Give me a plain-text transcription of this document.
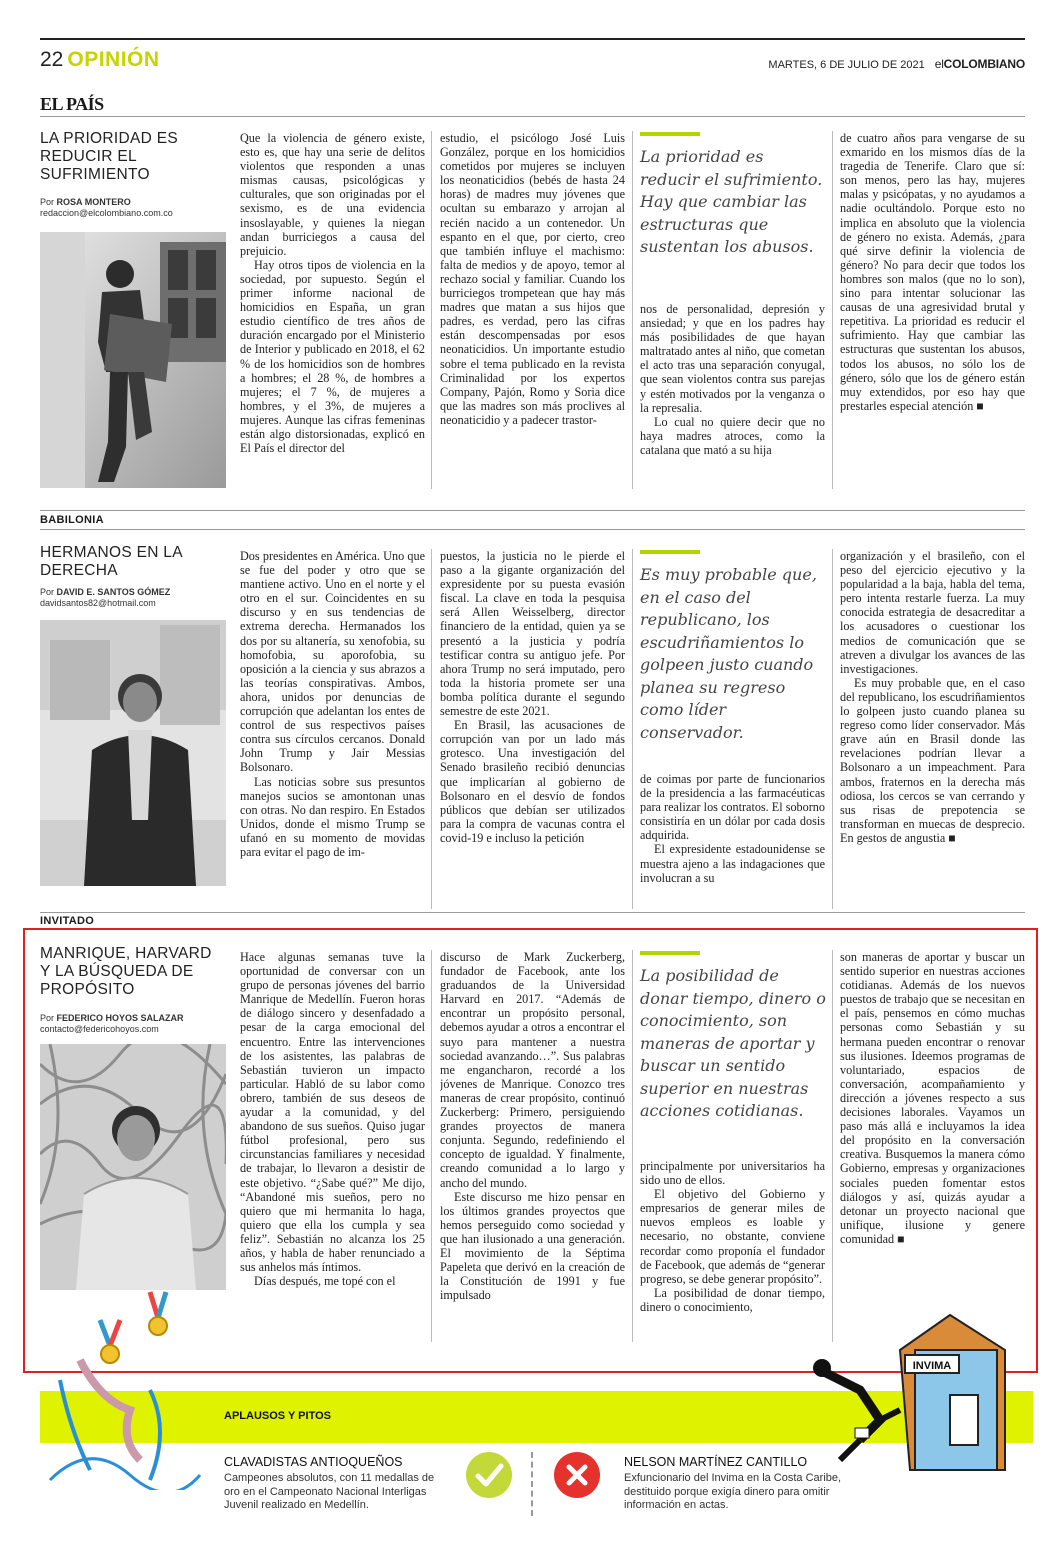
22 OPINIÓN	MARTES, 6 DE JULIO DE 2021 elCOLOMBIANO
EL PAÍS
LA PRIORIDAD ES REDUCIR EL SUFRIMIENTO
Por ROSA MONTERO
redaccion@elcolombiano.com.co
La prioridad es reducir el sufrimiento. Hay que cambiar las estructuras que sustentan los abusos.

Que la violencia de género existe, esto es, que hay una serie de delitos violentos que responden a unas mismas causas, psicológicas y culturales, que son originadas por el sexismo, es de una evidencia insoslayable, y quienes la niegan andan burriciegos a causa del prejuicio.

Hay otros tipos de violencia en la sociedad, por supuesto. Según el primer informe nacional de homicidios en España, un gran estudio científico de tres años de duración encargado por el Ministerio de Interior y publicado en 2018, el 62 % de los homicidios son de hombres a hombres; el 28 %, de hombres a mujeres; el 7 %, de mujeres a hombres, y el 3%, de mujeres a mujeres. Aunque las cifras femeninas están algo distorsionadas, explicó en El País el director del

estudio, el psicólogo José Luis González, porque en los homicidios cometidos por mujeres se incluyen los neonaticidios (bebés de hasta 24 horas) de madres muy jóvenes que ocultan su embarazo y arrojan al recién nacido a un contenedor. Un espanto en el que, por cierto, creo que también influye el machismo: falta de medios y de apoyo, temor al rechazo social y familiar. Cuando los burriciegos trompetean que hay más madres que matan a sus hijos que padres, es verdad, pero las cifras están descompensadas por esos neonaticidios. Un importante estudio sobre el tema publicado en la revista Criminalidad por los expertos Company, Pajón, Romo y Soria dice que las madres son más proclives al neonaticidio y a padecer trastor-

nos de personalidad, depresión y ansiedad; y que en los padres hay más posibilidades de que hayan maltratado antes al niño, que cometan el acto tras una separación conyugal, que sean violentos contra sus parejas y estén motivados por la venganza o la represalia.

Lo cual no quiere decir que no haya madres atroces, como la catalana que mató a su hija

de cuatro años para vengarse de su exmarido en los mismos días de la tragedia de Tenerife. Claro que sí: son menos, pero las hay, mujeres malas y psicópatas, y no ayudamos a nadie ocultándolo. Porque esto no implica en absoluto que la violencia de género no exista. Además, ¿para qué sirve definir la violencia de género? No para decir que todos los hombres son malos (que no lo son), sino para intentar solucionar las causas de una agresividad brutal y repetitiva. La prioridad es reducir el sufrimiento. Hay que cambiar las estructuras que sustentan los abusos, todos los abusos, no sólo los de género, sólo que los de género están muy extendidos, por eso hay que prestarles especial atención ■

BABILONIA
HERMANOS EN LA DERECHA
Por DAVID E. SANTOS GÓMEZ
davidsantos82@hotmail.com
Es muy probable que, en el caso del republicano, los escudriñamientos lo golpeen justo cuando planea su regreso como líder conservador.

Dos presidentes en América. Uno que se fue del poder y otro que se mantiene activo. Uno en el norte y el otro en el sur. Coincidentes en su discurso y en sus tendencias de extrema derecha. Hermanados los dos por su altanería, su xenofobia, su homofobia, su aporofobia, su oposición a la ciencia y sus abrazos a las teorías conspirativas. Ambos, ahora, unidos por denuncias de corrupción que adelantan los entes de control de sus respectivos países contra sus círculos cercanos. Donald John Trump y Jair Messias Bolsonaro.

Las noticias sobre sus presuntos manejos sucios se amontonan unas con otras. No dan respiro. En Estados Unidos, donde el mismo Trump se ufanó en su momento de movidas para evitar el pago de im-

puestos, la justicia no le pierde el paso a la gigante organización del expresidente por su puesta evasión fiscal. La clave en toda la pesquisa será Allen Weisselberg, director financiero de la entidad, quien ya se presentó a la justicia y podría testificar contra su antiguo jefe. Por ahora Trump no será imputado, pero toda la historia promete ser una bomba política durante el segundo semestre de este 2021.

En Brasil, las acusaciones de corrupción van por un lado más grotesco. Una investigación del Senado brasileño recibió denuncias que implicarían al gobierno de Bolsonaro en el desvío de fondos públicos que debían ser utilizados para la compra de vacunas contra el covid-19 e incluso la petición

de coimas por parte de funcionarios de la presidencia a las farmacéuticas para realizar los contratos. El soborno consistiría en un dólar por cada dosis adquirida.

El expresidente estadounidense se muestra ajeno a las indagaciones que involucran a su

organización y el brasileño, con el peso del ejercicio ejecutivo y la popularidad a la baja, habla del tema, pero intenta restarle fuerza. La muy conocida estrategia de desacreditar a los acusadores o cuestionar los medios de comunicación que se atreven a divulgar los avances de las investigaciones.

Es muy probable que, en el caso del republicano, los escudriñamientos lo golpeen justo cuando planea su regreso como líder conservador. Más grave aún en Brasil donde las revelaciones podrían llevar a Bolsonaro a un impeachment. Para ambos, fraternos en la derecha más odiosa, los cercos se van cerrando y sus risas de prepotencia se transforman en muecas de desprecio. En gestos de angustia ■

INVITADO
MANRIQUE, HARVARD Y LA BÚSQUEDA DE PROPÓSITO
Por FEDERICO HOYOS SALAZAR
contacto@federicohoyos.com
La posibilidad de donar tiempo, dinero o conocimiento, son maneras de aportar y buscar un sentido superior en nuestras acciones cotidianas.

Hace algunas semanas tuve la oportunidad de conversar con un grupo de personas jóvenes del barrio Manrique de Medellín. Fueron horas de diálogo sincero y desenfadado a pesar de la carga emocional del encuentro. Entre las intervenciones de los asistentes, las palabras de Sebastián tuvieron un impacto particular. Habló de su labor como obrero, también de sus deseos de ayudar a la comunidad, y del abandono de sus sueños. Quiso jugar fútbol profesional, pero sus circunstancias familiares y necesidad de trabajar, lo llevaron a desistir de este objetivo. “¿Sabe qué?” Me dijo, “Abandoné mis sueños, pero no quiero que mi hermanita lo haga, quiero que ella los cumpla y sea feliz”. Sebastián no alcanza los 25 años, y habla de haber renunciado a sus anhelos más íntimos.

Días después, me topé con el

discurso de Mark Zuckerberg, fundador de Facebook, ante los graduandos de la Universidad Harvard en 2017. “Además de encontrar un propósito personal, debemos ayudar a otros a encontrar el suyo para mantener a nuestra sociedad avanzando…”. Sus palabras me engancharon, recordé a los jóvenes de Manrique. Conozco tres maneras de crear propósito, continuó Zuckerberg: Primero, persiguiendo grandes proyectos de manera conjunta. Segundo, redefiniendo el concepto de igualdad. Y finalmente, creando comunidad a lo largo y ancho del mundo.

Este discurso me hizo pensar en los últimos grandes proyectos que hemos perseguido como sociedad y que han ilusionado a una generación. El movimiento de la Séptima Papeleta que derivó en la creación de la Constitución de 1991 y fue impulsado

principalmente por universitarios ha sido uno de ellos.

El objetivo del Gobierno y empresarios de generar miles de nuevos empleos es loable y necesario, no obstante, conviene recordar como proponía el fundador de Facebook, que además de “generar progreso, se debe generar propósito”.

La posibilidad de donar tiempo, dinero o conocimiento,

son maneras de aportar y buscar un sentido superior en nuestras acciones cotidianas. Además de los nuevos puestos de trabajo que se necesitan en el país, pensemos en cómo muchas personas como Sebastián y su hermana pueden encontrar o renovar sus ilusiones. Ideemos programas de voluntariado, espacios de conversación, acompañamiento y dirección a jóvenes respecto a sus decisiones laborales. Vayamos un paso más allá e incluyamos la idea del propósito en la conversación creativa. Busquemos la manera cómo Gobierno, empresas y organizaciones sociales pueden fomentar estos diálogos y así, quizás ayudar a detonar un proyecto nacional que unifique, ilusione y genere comunidad ■

APLAUSOS Y PITOS
INVIMA
CLAVADISTAS ANTIOQUEÑOS
Campeones absolutos, con 11 medallas de oro en el Campeonato Nacional Interligas Juvenil realizado en Medellín.
NELSON MARTÍNEZ CANTILLO
Exfuncionario del Invima en la Costa Caribe, destituido porque exigía dinero para omitir información en actas.
